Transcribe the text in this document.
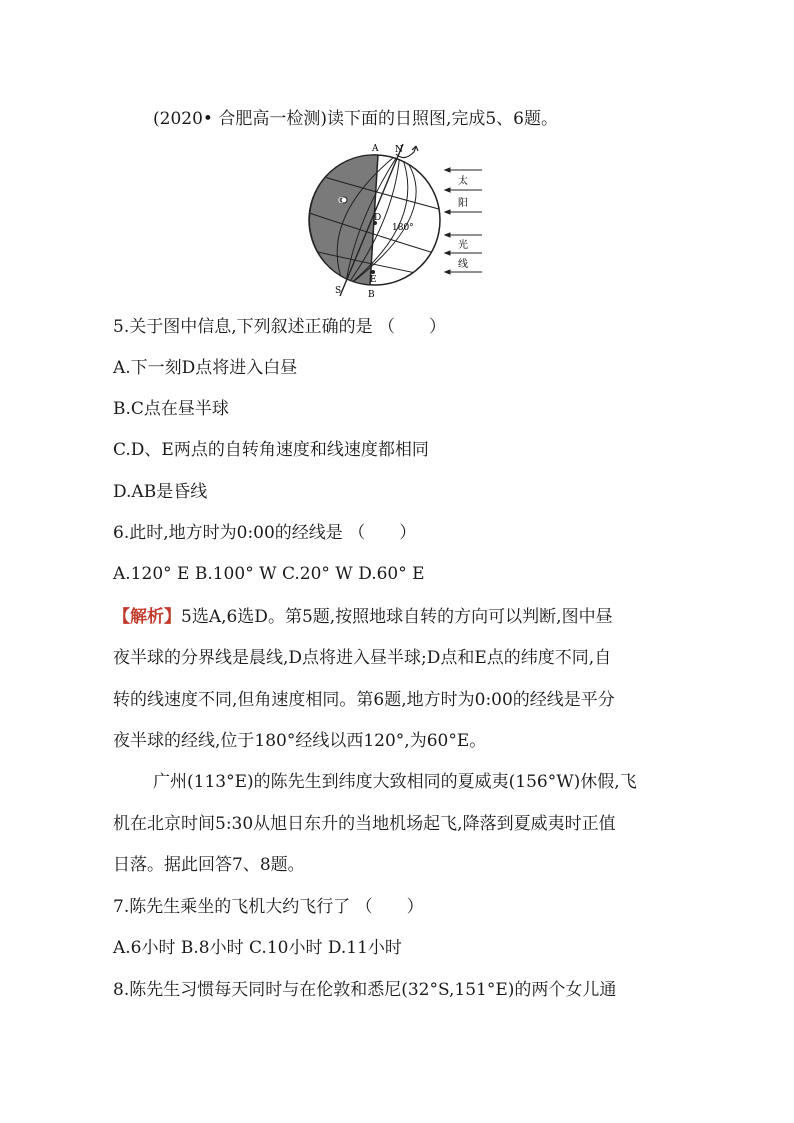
(2020• 合肥高一检测)读下面的日照图,完成5、6题。
A
B
C
D
E
N
S
180°
太
阳
光
线
5.关于图中信息,下列叙述正确的是 （　　）
A.下一刻D点将进入白昼
B.C点在昼半球
C.D、E两点的自转角速度和线速度都相同
D.AB是昏线
6.此时,地方时为0:00的经线是 （　　）
A.120° E B.100° W C.20° W D.60° E
【解析】5选A,6选D。第5题,按照地球自转的方向可以判断,图中昼
夜半球的分界线是晨线,D点将进入昼半球;D点和E点的纬度不同,自
转的线速度不同,但角速度相同。第6题,地方时为0:00的经线是平分
夜半球的经线,位于180°经线以西120°,为60°E。
广州(113°E)的陈先生到纬度大致相同的夏威夷(156°W)休假,飞
机在北京时间5:30从旭日东升的当地机场起飞,降落到夏威夷时正值
日落。据此回答7、8题。
7.陈先生乘坐的飞机大约飞行了 （　　）
A.6小时 B.8小时 C.10小时 D.11小时
8.陈先生习惯每天同时与在伦敦和悉尼(32°S,151°E)的两个女儿通
